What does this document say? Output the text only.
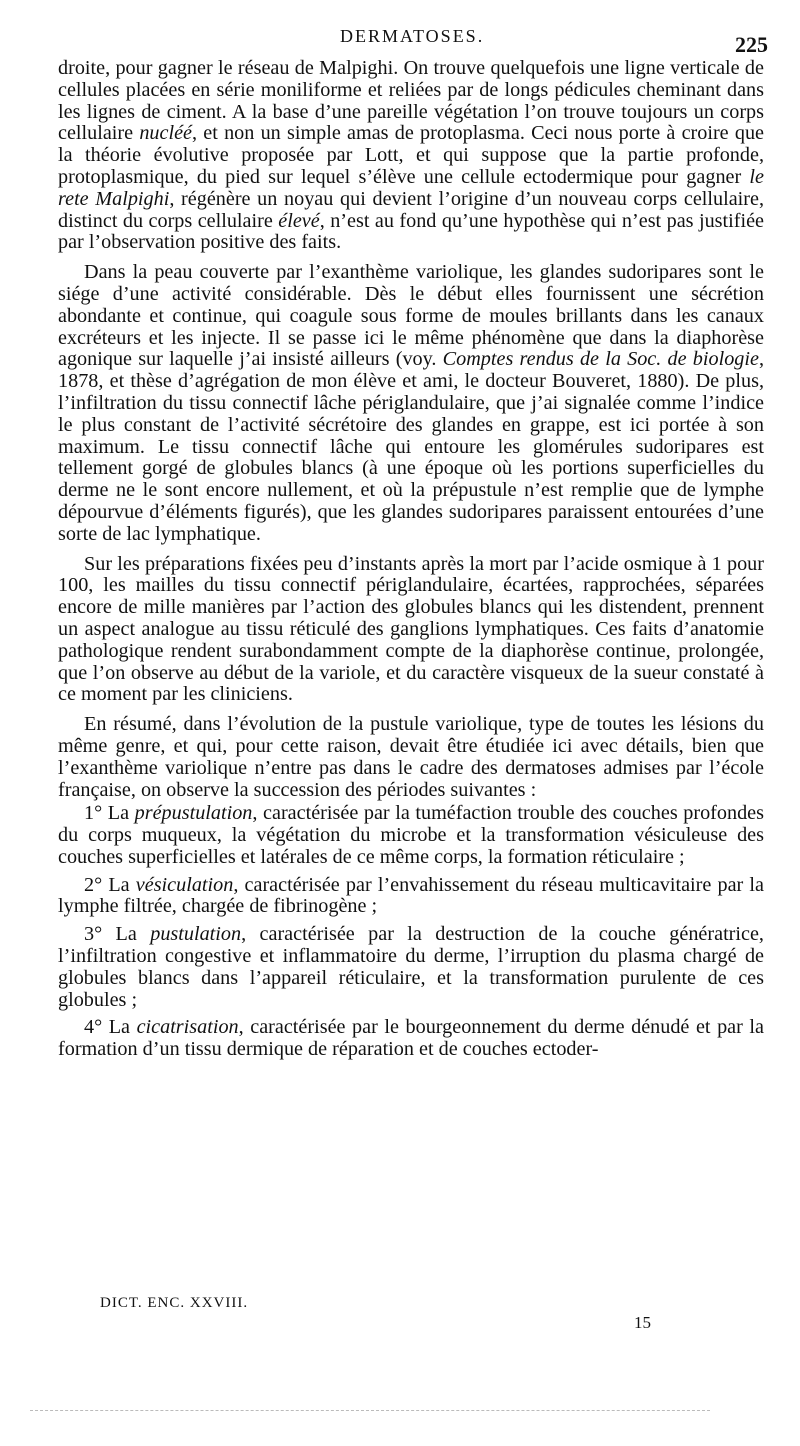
DERMATOSES.	225

droite, pour gagner le réseau de Malpighi. On trouve quelquefois une ligne verticale de cellules placées en série moniliforme et reliées par de longs pédicules cheminant dans les lignes de ciment. A la base d’une pareille végétation l’on trouve toujours un corps cellulaire nucléé, et non un simple amas de protoplasma. Ceci nous porte à croire que la théorie évolutive proposée par Lott, et qui suppose que la partie profonde, protoplasmique, du pied sur lequel s’élève une cellule ectodermique pour gagner le rete Malpighi, régénère un noyau qui devient l’origine d’un nouveau corps cellulaire, distinct du corps cellulaire élevé, n’est au fond qu’une hypothèse qui n’est pas justifiée par l’observation positive des faits.

Dans la peau couverte par l’exanthème variolique, les glandes sudoripares sont le siége d’une activité considérable. Dès le début elles fournissent une sécrétion abondante et continue, qui coagule sous forme de moules brillants dans les canaux excréteurs et les injecte. Il se passe ici le même phénomène que dans la diaphorèse agonique sur laquelle j’ai insisté ailleurs (voy. Comptes rendus de la Soc. de biologie, 1878, et thèse d’agrégation de mon élève et ami, le docteur Bouveret, 1880). De plus, l’infiltration du tissu connectif lâche périglandulaire, que j’ai signalée comme l’indice le plus constant de l’activité sécrétoire des glandes en grappe, est ici portée à son maximum. Le tissu connectif lâche qui entoure les glomérules sudoripares est tellement gorgé de globules blancs (à une époque où les portions superficielles du derme ne le sont encore nullement, et où la prépustule n’est remplie que de lymphe dépourvue d’éléments figurés), que les glandes sudoripares paraissent entourées d’une sorte de lac lymphatique.

Sur les préparations fixées peu d’instants après la mort par l’acide osmique à 1 pour 100, les mailles du tissu connectif périglandulaire, écartées, rapprochées, séparées encore de mille manières par l’action des globules blancs qui les distendent, prennent un aspect analogue au tissu réticulé des ganglions lymphatiques. Ces faits d’anatomie pathologique rendent surabondamment compte de la diaphorèse continue, prolongée, que l’on observe au début de la variole, et du caractère visqueux de la sueur constaté à ce moment par les cliniciens.

En résumé, dans l’évolution de la pustule variolique, type de toutes les lésions du même genre, et qui, pour cette raison, devait être étudiée ici avec détails, bien que l’exanthème variolique n’entre pas dans le cadre des dermatoses admises par l’école française, on observe la succession des périodes suivantes :

1° La prépustulation, caractérisée par la tuméfaction trouble des couches profondes du corps muqueux, la végétation du microbe et la transformation vésiculeuse des couches superficielles et latérales de ce même corps, la formation réticulaire ;

2° La vésiculation, caractérisée par l’envahissement du réseau multicavitaire par la lymphe filtrée, chargée de fibrinogène ;

3° La pustulation, caractérisée par la destruction de la couche génératrice, l’infiltration congestive et inflammatoire du derme, l’irruption du plasma chargé de globules blancs dans l’appareil réticulaire, et la transformation purulente de ces globules ;

4° La cicatrisation, caractérisée par le bourgeonnement du derme dénudé et par la formation d’un tissu dermique de réparation et de couches ectoder-

DICT. ENC. XXVIII.
15
